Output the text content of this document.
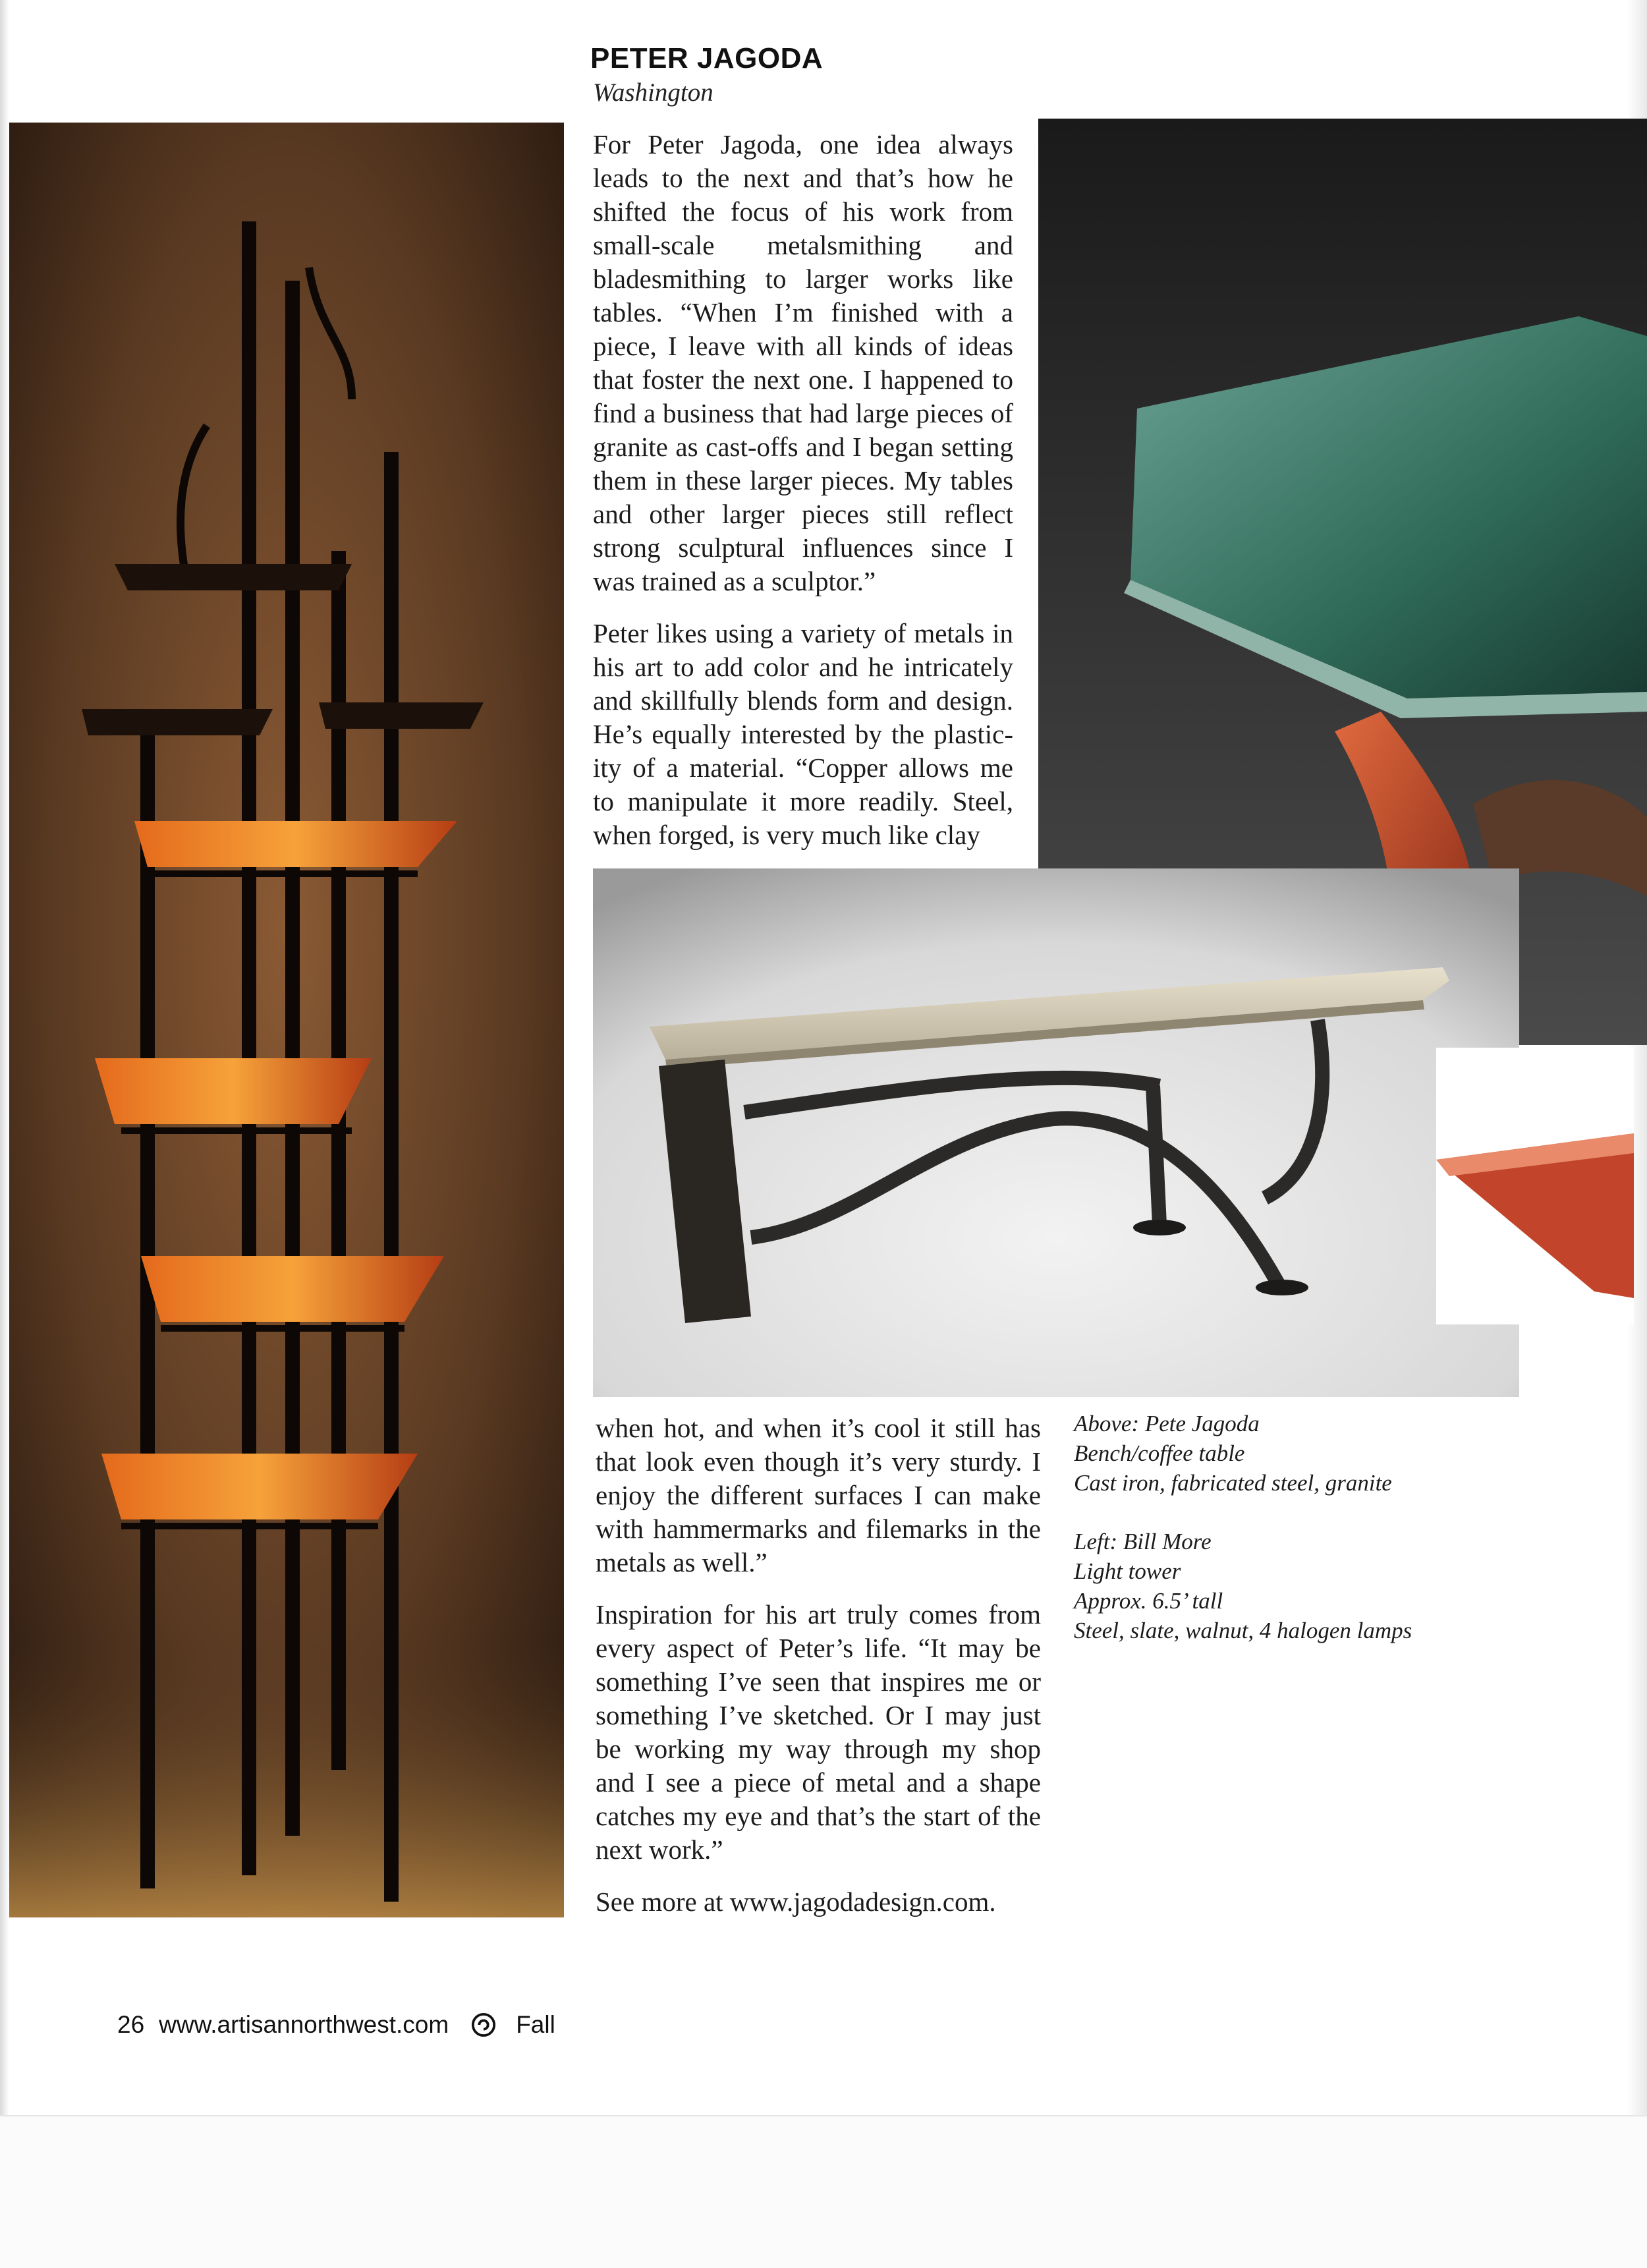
PETER JAGODA
Washington

For Peter Jagoda, one idea always leads to the next and that’s how he shifted the focus of his work from small-scale metalsmithing and bladesmithing to larger works like tables. “When I’m finished with a piece, I leave with all kinds of ideas that foster the next one. I happened to find a business that had large pieces of granite as cast-offs and I began setting them in these larger pieces. My tables and other larger pieces still reflect strong sculptural influences since I was trained as a sculptor.”

Peter likes using a variety of metals in his art to add color and he intricately and skillfully blends form and design. He’s equally interested by the plastic-ity of a material. “Copper allows me to manipulate it more readily. Steel, when forged, is very much like clay

when hot, and when it’s cool it still has that look even though it’s very sturdy. I enjoy the different surfaces I can make with hammermarks and filemarks in the metals as well.”

Inspiration for his art truly comes from every aspect of Peter’s life. “It may be something I’ve seen that inspires me or something I’ve sketched. Or I may just be working my way through my shop and I see a piece of metal and a shape catches my eye and that’s the start of the next work.”

See more at www.jagodadesign.com.

Above: Pete Jagoda
Bench/coffee table
Cast iron, fabricated steel, granite
Left: Bill More
Light tower
Approx. 6.5’ tall
Steel, slate, walnut, 4 halogen lamps
26 www.artisannorthwest.com	Fall
